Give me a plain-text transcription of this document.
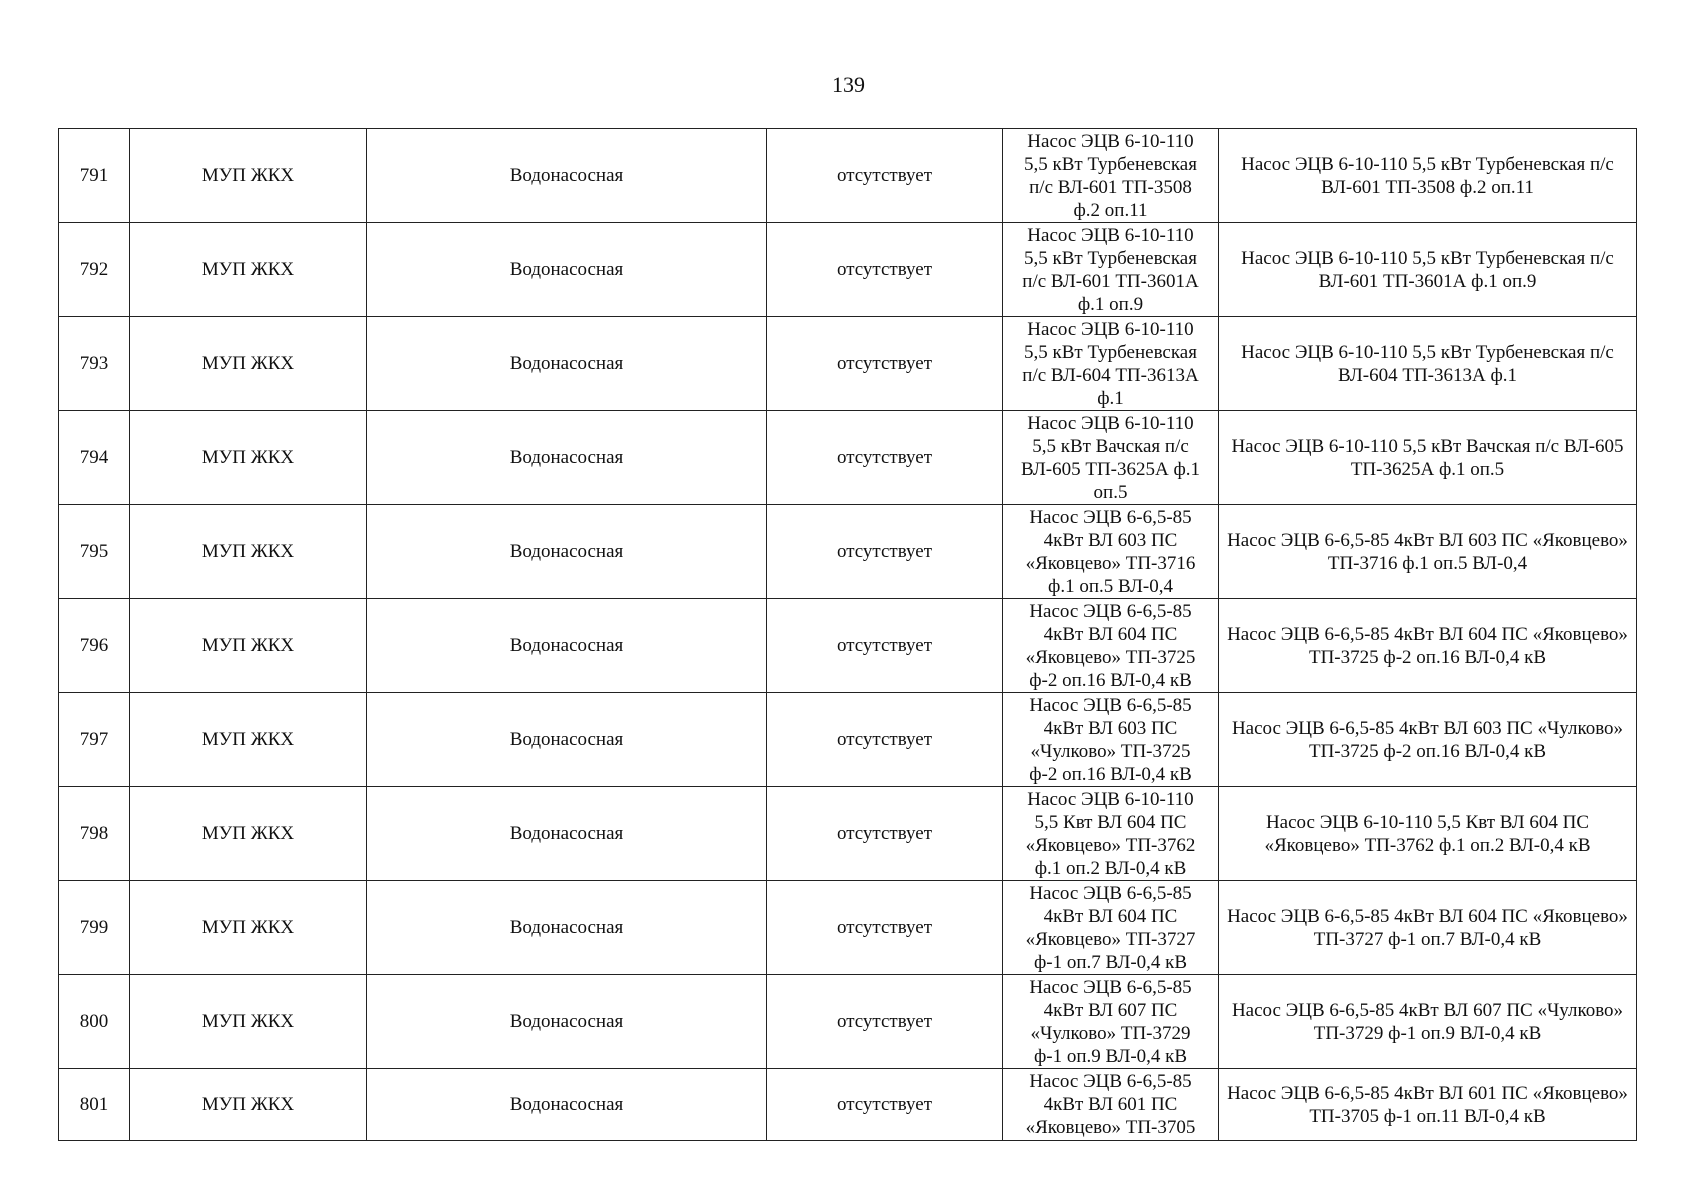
139
791	МУП ЖКХ	Водонасосная	отсутствует	Насос ЭЦВ 6-10-110
5,5 кВт Турбеневская
п/с ВЛ-601 ТП-3508
ф.2 оп.11	Насос ЭЦВ 6-10-110 5,5 кВт Турбеневская п/с ВЛ-601 ТП-3508 ф.2 оп.11
792	МУП ЖКХ	Водонасосная	отсутствует	Насос ЭЦВ 6-10-110
5,5 кВт Турбеневская
п/с ВЛ-601 ТП-3601А
ф.1 оп.9	Насос ЭЦВ 6-10-110 5,5 кВт Турбеневская п/с ВЛ-601 ТП-3601А ф.1 оп.9
793	МУП ЖКХ	Водонасосная	отсутствует	Насос ЭЦВ 6-10-110
5,5 кВт Турбеневская
п/с ВЛ-604 ТП-3613А
ф.1	Насос ЭЦВ 6-10-110 5,5 кВт Турбеневская п/с ВЛ-604 ТП-3613А ф.1
794	МУП ЖКХ	Водонасосная	отсутствует	Насос ЭЦВ 6-10-110
5,5 кВт Вачская п/с
ВЛ-605 ТП-3625А ф.1
оп.5	Насос ЭЦВ 6-10-110 5,5 кВт Вачская п/с ВЛ-605 ТП-3625А ф.1 оп.5
795	МУП ЖКХ	Водонасосная	отсутствует	Насос ЭЦВ 6-6,5-85
4кВт ВЛ 603 ПС
«Яковцево» ТП-3716
ф.1 оп.5 ВЛ-0,4	Насос ЭЦВ 6-6,5-85 4кВт ВЛ 603 ПС «Яковцево» ТП-3716 ф.1 оп.5 ВЛ-0,4
796	МУП ЖКХ	Водонасосная	отсутствует	Насос ЭЦВ 6-6,5-85
4кВт ВЛ 604 ПС
«Яковцево» ТП-3725
ф-2 оп.16 ВЛ-0,4 кВ	Насос ЭЦВ 6-6,5-85 4кВт ВЛ 604 ПС «Яковцево» ТП-3725 ф-2 оп.16 ВЛ-0,4 кВ
797	МУП ЖКХ	Водонасосная	отсутствует	Насос ЭЦВ 6-6,5-85
4кВт ВЛ 603 ПС
«Чулково» ТП-3725
ф-2 оп.16 ВЛ-0,4 кВ	Насос ЭЦВ 6-6,5-85 4кВт ВЛ 603 ПС «Чулково» ТП-3725 ф-2 оп.16 ВЛ-0,4 кВ
798	МУП ЖКХ	Водонасосная	отсутствует	Насос ЭЦВ 6-10-110
5,5 Квт ВЛ 604 ПС
«Яковцево» ТП-3762
ф.1 оп.2 ВЛ-0,4 кВ	Насос ЭЦВ 6-10-110 5,5 Квт ВЛ 604 ПС «Яковцево» ТП-3762 ф.1 оп.2 ВЛ-0,4 кВ
799	МУП ЖКХ	Водонасосная	отсутствует	Насос ЭЦВ 6-6,5-85
4кВт ВЛ 604 ПС
«Яковцево» ТП-3727
ф-1 оп.7 ВЛ-0,4 кВ	Насос ЭЦВ 6-6,5-85 4кВт ВЛ 604 ПС «Яковцево» ТП-3727 ф-1 оп.7 ВЛ-0,4 кВ
800	МУП ЖКХ	Водонасосная	отсутствует	Насос ЭЦВ 6-6,5-85
4кВт ВЛ 607 ПС
«Чулково» ТП-3729
ф-1 оп.9 ВЛ-0,4 кВ	Насос ЭЦВ 6-6,5-85 4кВт ВЛ 607 ПС «Чулково» ТП-3729 ф-1 оп.9 ВЛ-0,4 кВ
801	МУП ЖКХ	Водонасосная	отсутствует	Насос ЭЦВ 6-6,5-85
4кВт ВЛ 601 ПС
«Яковцево» ТП-3705	Насос ЭЦВ 6-6,5-85 4кВт ВЛ 601 ПС «Яковцево» ТП-3705 ф-1 оп.11 ВЛ-0,4 кВ
